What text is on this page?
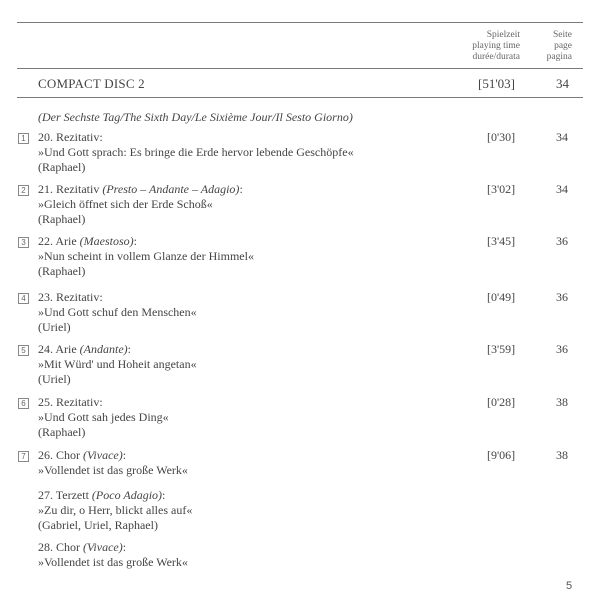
Spielzeit
playing time
durée/durata
Seite
page
pagina
COMPACT DISC 2	[51'03]	34
(Der Sechste Tag/The Sixth Day/Le Sixième Jour/Il Sesto Giorno)
1 20. Rezitativ:
»Und Gott sprach: Es bringe die Erde hervor lebende Geschöpfe«
(Raphael)
[0'30]	34
2 21. Rezitativ (Presto – Andante – Adagio):
»Gleich öffnet sich der Erde Schoß«
(Raphael)
[3'02]	34
3 22. Arie (Maestoso):
»Nun scheint in vollem Glanze der Himmel«
(Raphael)
[3'45]	36
4 23. Rezitativ:
»Und Gott schuf den Menschen«
(Uriel)
[0'49]	36
5 24. Arie (Andante):
»Mit Würd' und Hoheit angetan«
(Uriel)
[3'59]	36
6 25. Rezitativ:
»Und Gott sah jedes Ding«
(Raphael)
[0'28]	38
7 26. Chor (Vivace):
»Vollendet ist das große Werk«
[9'06]	38
27. Terzett (Poco Adagio):
»Zu dir, o Herr, blickt alles auf«
(Gabriel, Uriel, Raphael)
28. Chor (Vivace):
»Vollendet ist das große Werk«
5
